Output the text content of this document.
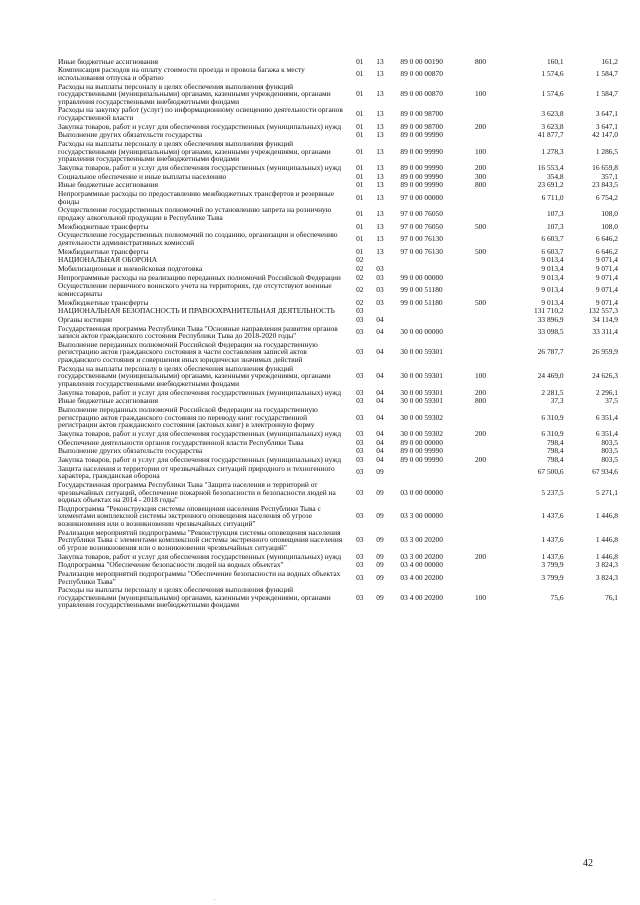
Иные бюджетные ассигнования	01	13	89 0 00 00190	800	160,1	161,2
Компенсация расходов на оплату стоимости проезда и провоза багажа к месту использования отпуска и обратно	01	13	89 0 00 00870		1 574,6	1 584,7
Расходы на выплаты персоналу в целях обеспечения выполнения функций государственными (муниципальными) органами, казенными учреждениями, органами управления государственными внебюджетными фондами	01	13	89 0 00 00870	100	1 574,6	1 584,7
Расходы на закупку работ (услуг) по информационному освещению деятельности органов государственной власти	01	13	89 0 00 98700		3 623,8	3 647,1
Закупка товаров, работ и услуг для обеспечения государственных (муниципальных) нужд	01	13	89 0 00 98700	200	3 623,8	3 647,1
Выполнение других обязательств государства	01	13	89 0 00 99990		41 877,7	42 147,0
Расходы на выплаты персоналу в целях обеспечения выполнения функций государственными (муниципальными) органами, казенными учреждениями, органами управления государственными внебюджетными фондами	01	13	89 0 00 99990	100	1 278,3	1 286,5
Закупка товаров, работ и услуг для обеспечения государственных (муниципальных) нужд	01	13	89 0 00 99990	200	16 553,4	16 659,8
Социальное обеспечение и иные выплаты населению	01	13	89 0 00 99990	300	354,8	357,1
Иные бюджетные ассигнования	01	13	89 0 00 99990	800	23 691,2	23 843,5
Непрограммные расходы по предоставлению межбюджетных трансфертов и резервные фонды	01	13	97 0 00 00000		6 711,0	6 754,2
Осуществление государственных полномочий по установлению запрета на розничную продажу алкогольной продукции в Республике Тыва	01	13	97 0 00 76050		107,3	108,0
Межбюджетные трансферты	01	13	97 0 00 76050	500	107,3	108,0
Осуществление государственных полномочий по созданию, организации и обеспечению деятельности административных комиссий	01	13	97 0 00 76130		6 603,7	6 646,2
Межбюджетные трансферты	01	13	97 0 00 76130	500	6 603,7	6 646,2
НАЦИОНАЛЬНАЯ ОБОРОНА	02				9 013,4	9 071,4
Мобилизационная и вневойсковая подготовка	02	03			9 013,4	9 071,4
Непрограммные расходы на реализацию переданных полномочий Российской Федерации	02	03	99 0 00 00000		9 013,4	9 071,4
Осуществление первичного воинского учета на территориях, где отсутствуют военные комиссариаты	02	03	99 0 00 51180		9 013,4	9 071,4
Межбюджетные трансферты	02	03	99 0 00 51180	500	9 013,4	9 071,4
НАЦИОНАЛЬНАЯ БЕЗОПАСНОСТЬ И ПРАВООХРАНИТЕЛЬНАЯ ДЕЯТЕЛЬНОСТЬ	03				131 710,2	132 557,3
Органы юстиции	03	04			33 896,9	34 114,9
Государственная программа Республики Тыва "Основные направления развития органов записи актов гражданского состояния Республики Тыва до 2018-2020 годы"	03	04	30 0 00 00000		33 098,5	33 311,4
Выполнение переданных полномочий Российской Федерации на государственную регистрацию актов гражданского состояния в части составления записей актов гражданского состояния и совершения иных юридически значимых действий	03	04	30 0 00 59301		26 787,7	26 959,9
Расходы на выплаты персоналу в целях обеспечения выполнения функций государственными (муниципальными) органами, казенными учреждениями, органами управления государственными внебюджетными фондами	03	04	30 0 00 59301	100	24 469,0	24 626,3
Закупка товаров, работ и услуг для обеспечения государственных (муниципальных) нужд	03	04	30 0 00 59301	200	2 281,5	2 296,1
Иные бюджетные ассигнования	03	04	30 0 00 59301	800	37,3	37,5
Выполнение переданных полномочий Российской Федерации на государственную регистрацию актов гражданского состояния по переводу книг государственной регистрации актов гражданского состояния (актовых книг) в электронную форму	03	04	30 0 00 59302		6 310,9	6 351,4
Закупка товаров, работ и услуг для обеспечения государственных (муниципальных) нужд	03	04	30 0 00 59302	200	6 310,9	6 351,4
Обеспечение деятельности органов государственной власти Республики Тыва	03	04	89 0 00 00000		798,4	803,5
Выполнение других обязательств государства	03	04	89 0 00 99990		798,4	803,5
Закупка товаров, работ и услуг для обеспечения государственных (муниципальных) нужд	03	04	89 0 00 99990	200	798,4	803,5
Защита населения и территории от чрезвычайных ситуаций природного и техногенного характера, гражданская оборона	03	09			67 500,6	67 934,6
Государственная программа Республики Тыва "Защита населения и территорий от чрезвычайных ситуаций, обеспечение пожарной безопасности и безопасности людей на водных объектах на 2014 - 2018 годы"	03	09	03 0 00 00000		5 237,5	5 271,1
Подпрограмма "Реконструкция системы оповещения населения Республики Тыва с элементами комплексной системы экстренного оповещения населения об угрозе возникновения или о возникновении чрезвычайных ситуаций"	03	09	03 3 00 00000		1 437,6	1 446,8
Реализация мероприятий подпрограммы "Реконструкция системы оповещения населения Республики Тыва с элементами комплексной системы экстренного оповещения населения об угрозе возникновения или о возникновении чрезвычайных ситуаций"	03	09	03 3 00 20200		1 437,6	1 446,8
Закупка товаров, работ и услуг для обеспечения государственных (муниципальных) нужд	03	09	03 3 00 20200	200	1 437,6	1 446,8
Подпрограмма "Обеспечение безопасности людей на водных объектах"	03	09	03 4 00 00000		3 799,9	3 824,3
Реализация мероприятий подпрограммы "Обеспечение безопасности на водных объектах Республики Тыва"	03	09	03 4 00 20200		3 799,9	3 824,3
Расходы на выплаты персоналу в целях обеспечения выполнения функций государственными (муниципальными) органами, казенными учреждениями, органами управления государственными внебюджетными фондами	03	09	03 4 00 20200	100	75,6	76,1
42
.
